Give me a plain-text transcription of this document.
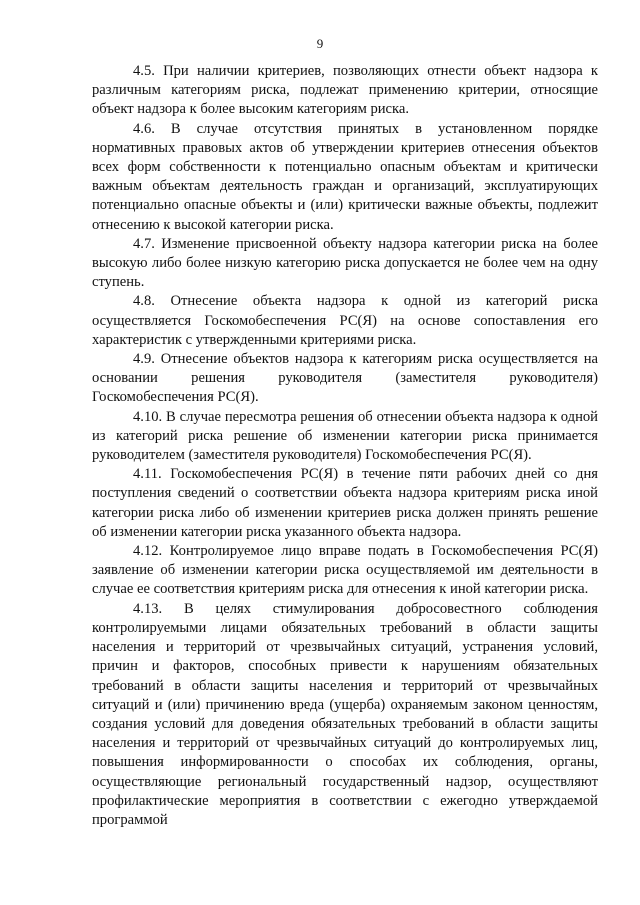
9

4.5. При наличии критериев, позволяющих отнести объект надзора к различным категориям риска, подлежат применению критерии, относящие объект надзора к более высоким категориям риска.

4.6. В случае отсутствия принятых в установленном порядке нормативных правовых актов об утверждении критериев отнесения объектов всех форм собственности к потенциально опасным объектам и критически важным объектам деятельность граждан и организаций, эксплуатирующих потенциально опасные объекты и (или) критически важные объекты, подлежит отнесению к высокой категории риска.

4.7. Изменение присвоенной объекту надзора категории риска на более высокую либо более низкую категорию риска допускается не более чем на одну ступень.

4.8. Отнесение объекта надзора к одной из категорий риска осуществляется Госкомобеспечения РС(Я) на основе сопоставления его характеристик с утвержденными критериями риска.

4.9. Отнесение объектов надзора к категориям риска осуществляется на основании решения руководителя (заместителя руководителя) Госкомобеспечения РС(Я).

4.10. В случае пересмотра решения об отнесении объекта надзора к одной из категорий риска решение об изменении категории риска принимается руководителем (заместителя руководителя) Госкомобеспечения РС(Я).

4.11. Госкомобеспечения РС(Я) в течение пяти рабочих дней со дня поступления сведений о соответствии объекта надзора критериям риска иной категории риска либо об изменении критериев риска должен принять решение об изменении категории риска указанного объекта надзора.

4.12. Контролируемое лицо вправе подать в Госкомобеспечения РС(Я) заявление об изменении категории риска осуществляемой им деятельности в случае ее соответствия критериям риска для отнесения к иной категории риска.

4.13. В целях стимулирования добросовестного соблюдения контролируемыми лицами обязательных требований в области защиты населения и территорий от чрезвычайных ситуаций, устранения условий, причин и факторов, способных привести к нарушениям обязательных требований в области защиты населения и территорий от чрезвычайных ситуаций и (или) причинению вреда (ущерба) охраняемым законом ценностям, создания условий для доведения обязательных требований в области защиты населения и территорий от чрезвычайных ситуаций до контролируемых лиц, повышения информированности о способах их соблюдения, органы, осуществляющие региональный государственный надзор, осуществляют профилактические мероприятия в соответствии с ежегодно утверждаемой программой
